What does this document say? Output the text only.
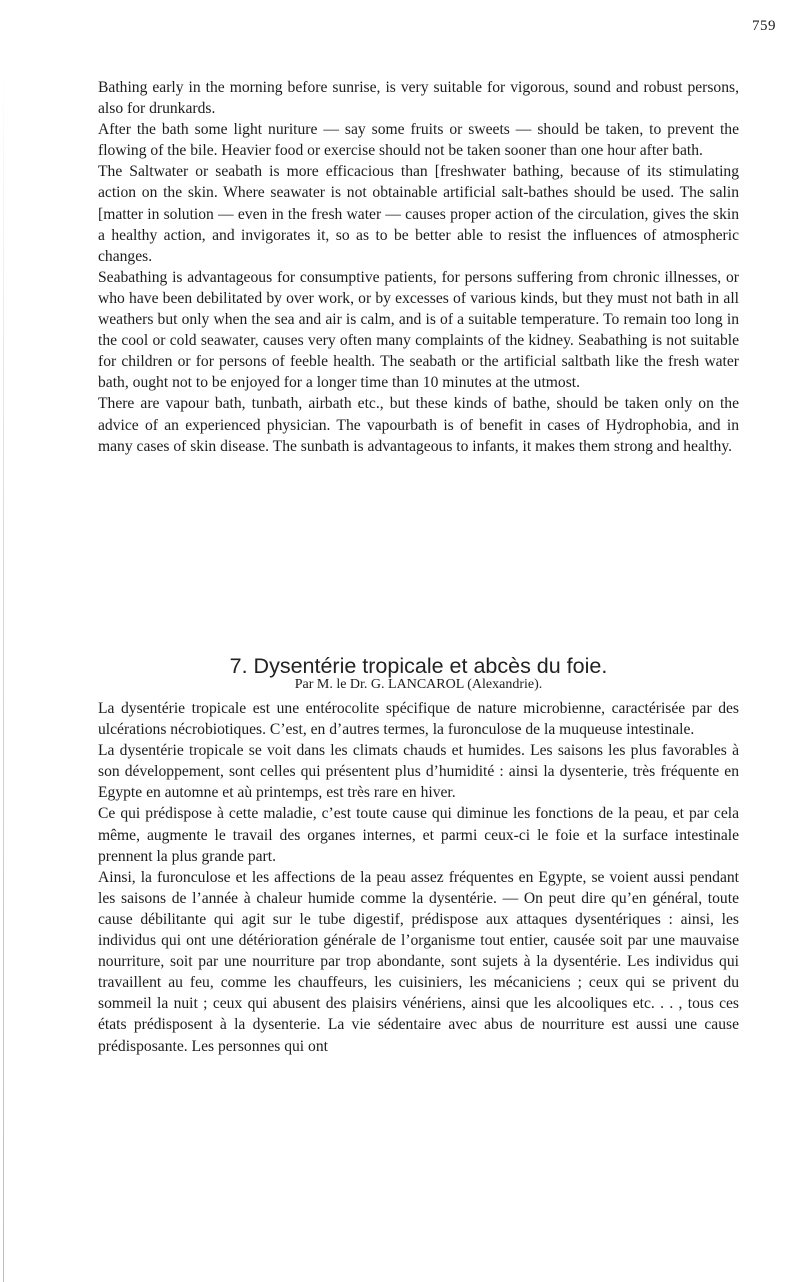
759

Bathing early in the morning before sunrise, is very suitable for vigorous, sound and robust persons, also for drunkards.

After the bath some light nuriture — say some fruits or sweets — should be taken, to prevent the flowing of the bile. Heavier food or exercise should not be taken sooner than one hour after bath.

The Saltwater or seabath is more efficacious than [freshwater bathing, because of its stimulating action on the skin. Where seawater is not obtainable artificial salt-bathes should be used. The salin [matter in solution — even in the fresh water — causes proper action of the circulation, gives the skin a healthy action, and invigorates it, so as to be better able to resist the influences of atmospheric changes.

Seabathing is advantageous for consumptive patients, for persons suffering from chronic illnesses, or who have been debilitated by over work, or by excesses of various kinds, but they must not bath in all weathers but only when the sea and air is calm, and is of a suitable temperature. To remain too long in the cool or cold seawater, causes very often many complaints of the kidney. Seabathing is not suitable for children or for persons of feeble health. The seabath or the artificial saltbath like the fresh water bath, ought not to be enjoyed for a longer time than 10 minutes at the utmost.

There are vapour bath, tunbath, airbath etc., but these kinds of bathe, should be taken only on the advice of an experienced physician. The vapourbath is of benefit in cases of Hydrophobia, and in many cases of skin disease. The sunbath is advantageous to infants, it makes them strong and healthy.

7. Dysentérie tropicale et abcès du foie.
Par M. le Dr. G. LANCAROL (Alexandrie).

La dysentérie tropicale est une entérocolite spécifique de nature microbienne, caractérisée par des ulcérations nécrobiotiques. C’est, en d’autres termes, la furonculose de la muqueuse intestinale.

La dysentérie tropicale se voit dans les climats chauds et humides. Les saisons les plus favorables à son développement, sont celles qui présentent plus d’humidité : ainsi la dysenterie, très fréquente en Egypte en automne et aù printemps, est très rare en hiver.

Ce qui prédispose à cette maladie, c’est toute cause qui diminue les fonctions de la peau, et par cela même, augmente le travail des organes internes, et parmi ceux-ci le foie et la surface intestinale prennent la plus grande part.

Ainsi, la furonculose et les affections de la peau assez fréquentes en Egypte, se voient aussi pendant les saisons de l’année à chaleur humide comme la dysentérie. — On peut dire qu’en général, toute cause débilitante qui agit sur le tube digestif, prédispose aux attaques dysentériques : ainsi, les individus qui ont une détérioration générale de l’organisme tout entier, causée soit par une mauvaise nourriture, soit par une nourriture par trop abondante, sont sujets à la dysentérie. Les individus qui travaillent au feu, comme les chauffeurs, les cuisiniers, les mécaniciens ; ceux qui se privent du sommeil la nuit ; ceux qui abusent des plaisirs vénériens, ainsi que les alcooliques etc. . . , tous ces états prédisposent à la dysenterie. La vie sédentaire avec abus de nourriture est aussi une cause prédisposante. Les personnes qui ont
